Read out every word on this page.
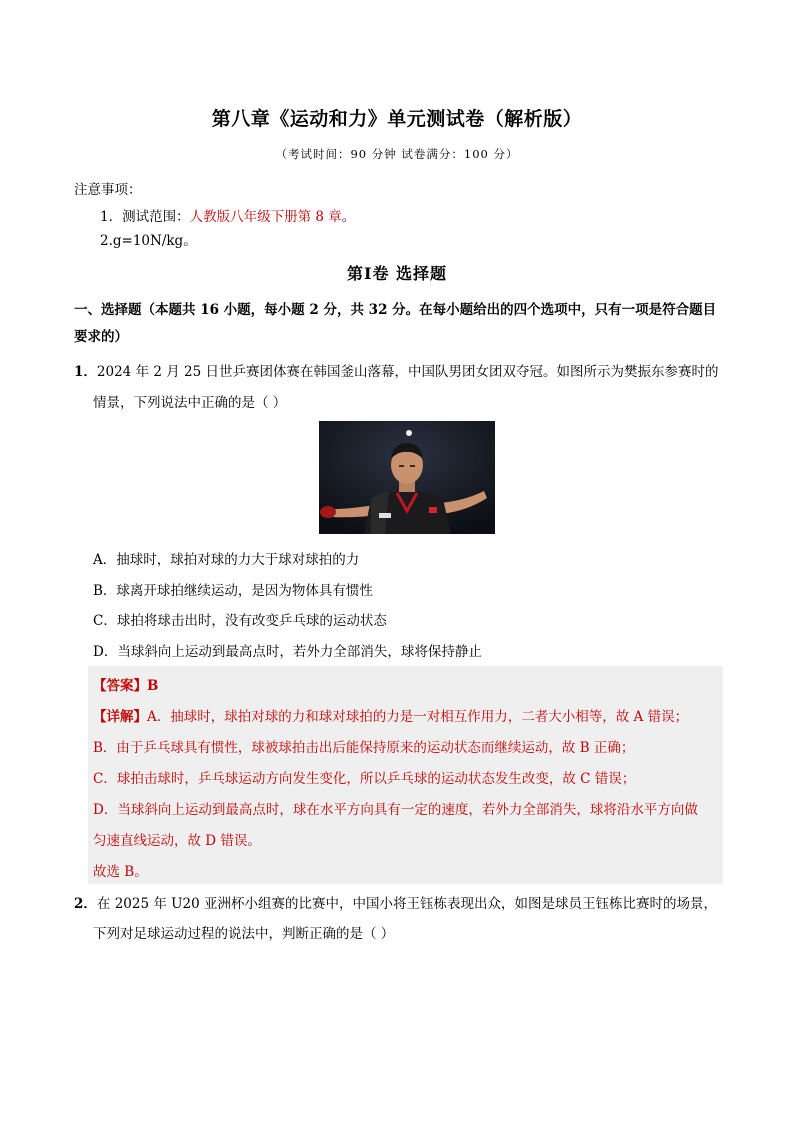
第八章《运动和力》单元测试卷（解析版）
（考试时间：90 分钟 试卷满分：100 分）
注意事项：
1．测试范围：人教版八年级下册第 8 章。
2.g=10N/kg。
第Ⅰ卷 选择题
一、选择题（本题共 16 小题，每小题 2 分，共 32 分。在每小题给出的四个选项中，只有一项是符合题目
要求的）
1．2024 年 2 月 25 日世乒赛团体赛在韩国釜山落幕，中国队男团女团双夺冠。如图所示为樊振东参赛时的
情景，下列说法中正确的是（ ）
A．抽球时，球拍对球的力大于球对球拍的力
B．球离开球拍继续运动，是因为物体具有惯性
C．球拍将球击出时，没有改变乒乓球的运动状态
D．当球斜向上运动到最高点时，若外力全部消失，球将保持静止
【答案】B
【详解】A．抽球时，球拍对球的力和球对球拍的力是一对相互作用力，二者大小相等，故 A 错误；
B．由于乒乓球具有惯性，球被球拍击出后能保持原来的运动状态而继续运动，故 B 正确；
C．球拍击球时，乒乓球运动方向发生变化，所以乒乓球的运动状态发生改变，故 C 错误；
D．当球斜向上运动到最高点时，球在水平方向具有一定的速度，若外力全部消失，球将沿水平方向做
匀速直线运动，故 D 错误。
故选 B。
2．在 2025 年 U20 亚洲杯小组赛的比赛中，中国小将王钰栋表现出众，如图是球员王钰栋比赛时的场景，
下列对足球运动过程的说法中，判断正确的是（ ）
